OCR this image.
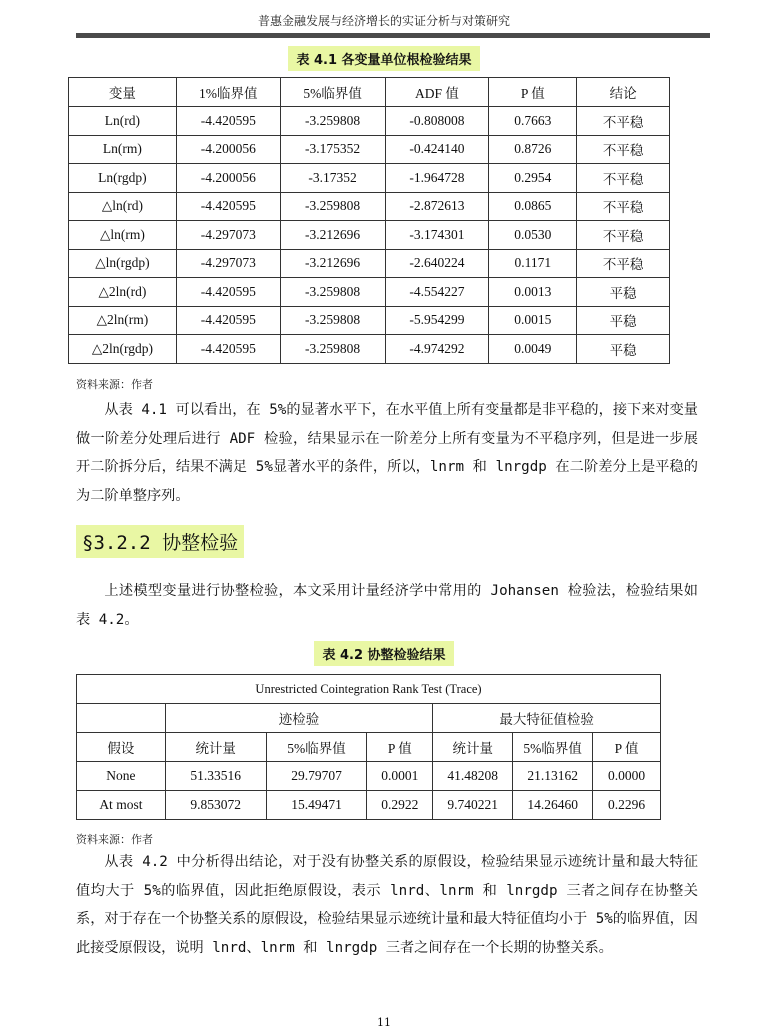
普惠金融发展与经济增长的实证分析与对策研究
表 4.1 各变量单位根检验结果
变量	1%临界值	5%临界值	ADF 值	P 值	结论
Ln(rd)	-4.420595	-3.259808	-0.808008	0.7663	不平稳
Ln(rm)	-4.200056	-3.175352	-0.424140	0.8726	不平稳
Ln(rgdp)	-4.200056	-3.17352	-1.964728	0.2954	不平稳
△ln(rd)	-4.420595	-3.259808	-2.872613	0.0865	不平稳
△ln(rm)	-4.297073	-3.212696	-3.174301	0.0530	不平稳
△ln(rgdp)	-4.297073	-3.212696	-2.640224	0.1171	不平稳
△2ln(rd)	-4.420595	-3.259808	-4.554227	0.0013	平稳
△2ln(rm)	-4.420595	-3.259808	-5.954299	0.0015	平稳
△2ln(rgdp)	-4.420595	-3.259808	-4.974292	0.0049	平稳
资料来源：作者

从表 4.1 可以看出，在 5%的显著水平下，在水平值上所有变量都是非平稳的，接下来对变量做一阶差分处理后进行 ADF 检验，结果显示在一阶差分上所有变量为不平稳序列，但是进一步展开二阶拆分后，结果不满足 5%显著水平的条件，所以，lnrm 和 lnrgdp 在二阶差分上是平稳的为二阶单整序列。

§3.2.2 协整检验

上述模型变量进行协整检验，本文采用计量经济学中常用的 Johansen 检验法，检验结果如表 4.2。

表 4.2 协整检验结果
Unrestricted Cointegration Rank Test (Trace)						
	迹检验			最大特征值检验		
假设	统计量	5%临界值	P 值	统计量	5%临界值	P 值
None	51.33516	29.79707	0.0001	41.48208	21.13162	0.0000
At most	9.853072	15.49471	0.2922	9.740221	14.26460	0.2296
资料来源：作者

从表 4.2 中分析得出结论，对于没有协整关系的原假设，检验结果显示迹统计量和最大特征值均大于 5%的临界值，因此拒绝原假设，表示 lnrd、lnrm 和 lnrgdp 三者之间存在协整关系，对于存在一个协整关系的原假设，检验结果显示迹统计量和最大特征值均小于 5%的临界值，因此接受原假设，说明 lnrd、lnrm 和 lnrgdp 三者之间存在一个长期的协整关系。

11
